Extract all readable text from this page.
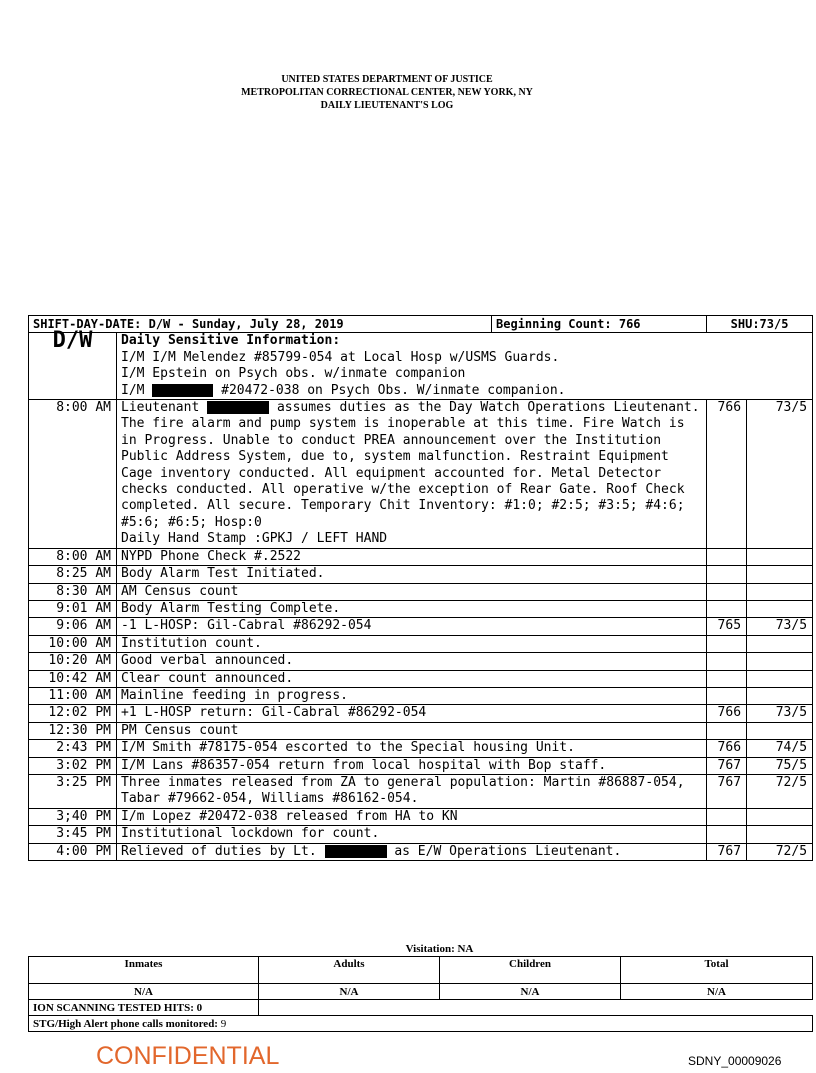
UNITED STATES DEPARTMENT OF JUSTICE
METROPOLITAN CORRECTIONAL CENTER, NEW YORK, NY
DAILY LIEUTENANT'S LOG
SHIFT-DAY-DATE: D/W - Sunday, July 28, 2019		Beginning Count: 766		SHU:73/5	
D/W	Daily Sensitive Information:
I/M I/M Melendez #85799-054 at Local Hosp w/USMS Guards.
I/M Epstein on Psych obs. w/inmate companion
I/M #20472-038 on Psych Obs. W/inmate companion.				

8:00 AM	Lieutenant assumes duties as the Day Watch Operations Lieutenant. The fire alarm and pump system is inoperable at this time. Fire Watch is in Progress. Unable to conduct PREA announcement over the Institution Public Address System, due to, system malfunction. Restraint Equipment Cage inventory conducted. All equipment accounted for. Metal Detector checks conducted. All operative w/the exception of Rear Gate. Roof Check completed. All secure. Temporary Chit Inventory: #1:0; #2:5; #3:5; #4:6; #5:6; #6:5; Hosp:0
Daily Hand Stamp :GPKJ / LEFT HAND			766	73/5
8:00 AM	NYPD Phone Check #.2522				
8:25 AM	Body Alarm Test Initiated.				
8:30 AM	AM Census count				
9:01 AM	Body Alarm Testing Complete.				
9:06 AM	-1 L-HOSP: Gil-Cabral #86292-054			765	73/5
10:00 AM	Institution count.				
10:20 AM	Good verbal announced.				
10:42 AM	Clear count announced.				
11:00 AM	Mainline feeding in progress.				
12:02 PM	+1 L-HOSP return: Gil-Cabral #86292-054			766	73/5
12:30 PM	PM Census count				
2:43 PM	I/M Smith #78175-054 escorted to the Special housing Unit.			766	74/5
3:02 PM	I/M Lans #86357-054 return from local hospital with Bop staff.			767	75/5
3:25 PM	Three inmates released from ZA to general population: Martin #86887-054, Tabar #79662-054, Williams #86162-054.			767	72/5
3;40 PM	I/m Lopez #20472-038 released from HA to KN				
3:45 PM	Institutional lockdown for count.				
4:00 PM	Relieved of duties by Lt. as E/W Operations Lieutenant.			767	72/5
	Visitation: NA		
Inmates	Adults	Children	Total
N/A	N/A	N/A	N/A
ION SCANNING TESTED HITS: 0			
STG/High Alert phone calls monitored: 9			
CONFIDENTIAL	SDNY_00009026
